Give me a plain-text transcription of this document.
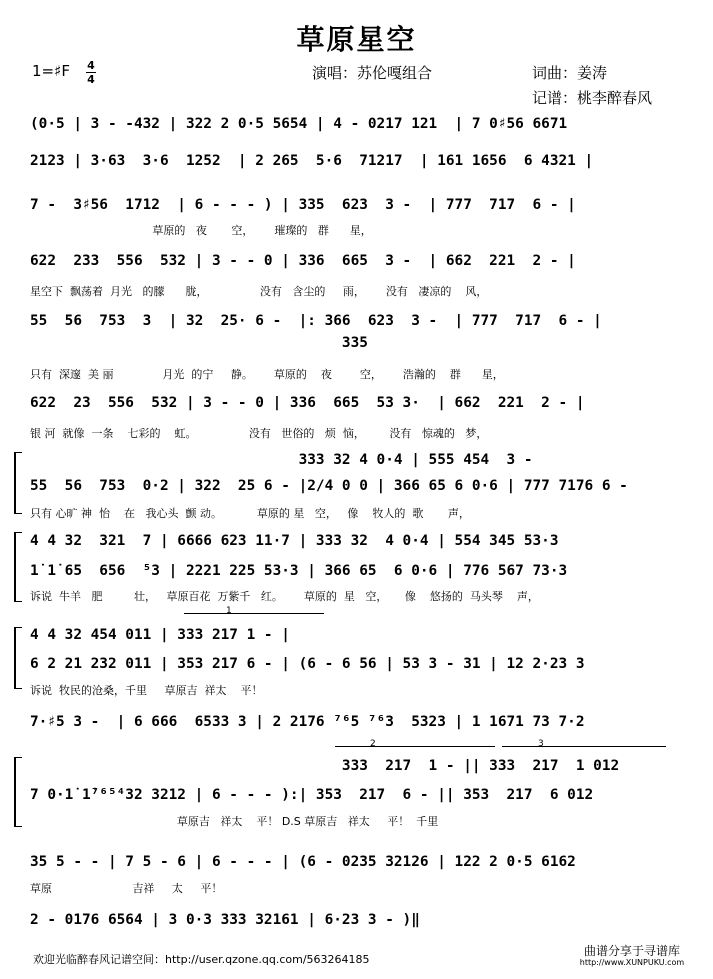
草原星空
1=♯F 4
4	演唱：苏伦嘎组合	词曲：姜涛
记谱：桃李醉春风
(0·5 | 3 - -432 | 322 2 0·5 5654 | 4 - 0217 121  | 7 0♯56 6671
2123 | 3·63  3·6  1252  | 2 265  5·6  71217  | 161 1656  6 4321 |
7 -  3♯56  1712  | 6 - - - ) | 335  623  3 -  | 777  717  6 - |
草原的   夜       空，      璀璨的   群      星，
622  233  556  532 | 3 - - 0 | 336  665  3 -  | 662  221  2 - |
星空下  飘荡着  月光   的朦      胧，               没有   含尘的     雨，      没有   凄凉的    风，
55  56  753  3  | 32  25· 6 -  |: 366  623  3 -  | 777  717  6 - |
335
只有  深邃  美 丽              月光  的宁     静。      草原的    夜        空，      浩瀚的    群      星，
622  23  556  532 | 3 - - 0 | 336  665  53 3·  | 662  221  2 - |
银 河  就像  一条    七彩的    虹。               没有   世俗的   烦  恼，       没有   惊魂的   梦，
333 32 4 0·4 | 555 454  3 -
55  56  753  0·2 | 322  25 6 - |2/4 0 0 | 366 65 6 0·6 | 777 7176 6 -
只有 心旷 神  怡    在   我心头  颤 动。          草原的 星   空，   像    牧人的  歌       声，
4 4 32  321  7 | 6666 623 11·7 | 333 32  4 0·4 | 554 345 53·3
1̇ 1̇ 65  656  ⁵3 | 2221 225 53·3 | 366 65  6 0·6 | 776 567 73·3
诉说  牛羊   肥         壮，   草原百花  万紫千   红。      草原的  星   空，     像    悠扬的  马头琴    声，
1
4 4 32 454 011 | 333 217 1 - |
6 2 21 232 011 | 353 217 6 - | (6 - 6 56 | 53 3 - 31 | 12 2·23 3
诉说  牧民的沧桑，千里     草原吉  祥太    平！
7·♯5 3 -  | 6 666  6533 3 | 2 2176 ⁷⁶5 ⁷⁶3  5323 | 1 1671 73 7·2
2	3
333  217  1 - || 333  217  1 012
7 0·1̇ 1̇⁷⁶⁵⁴32 3212 | 6 - - - ):| 353  217  6 - || 353  217  6 012
草原吉   祥太    平！ D.S 草原吉   祥太     平！  千里
35 5 - - | 7 5 - 6 | 6 - - - | (6 - 0235 32126 | 122 2 0·5 6162
草原                       吉祥     太     平！
2 - 0176 6564 | 3 0·3 333 32161 | 6·23 3 - )‖
欢迎光临醉春风记谱空间：http://user.qzone.qq.com/563264185
曲谱分享于寻谱库
http://www.XUNPUKU.com
